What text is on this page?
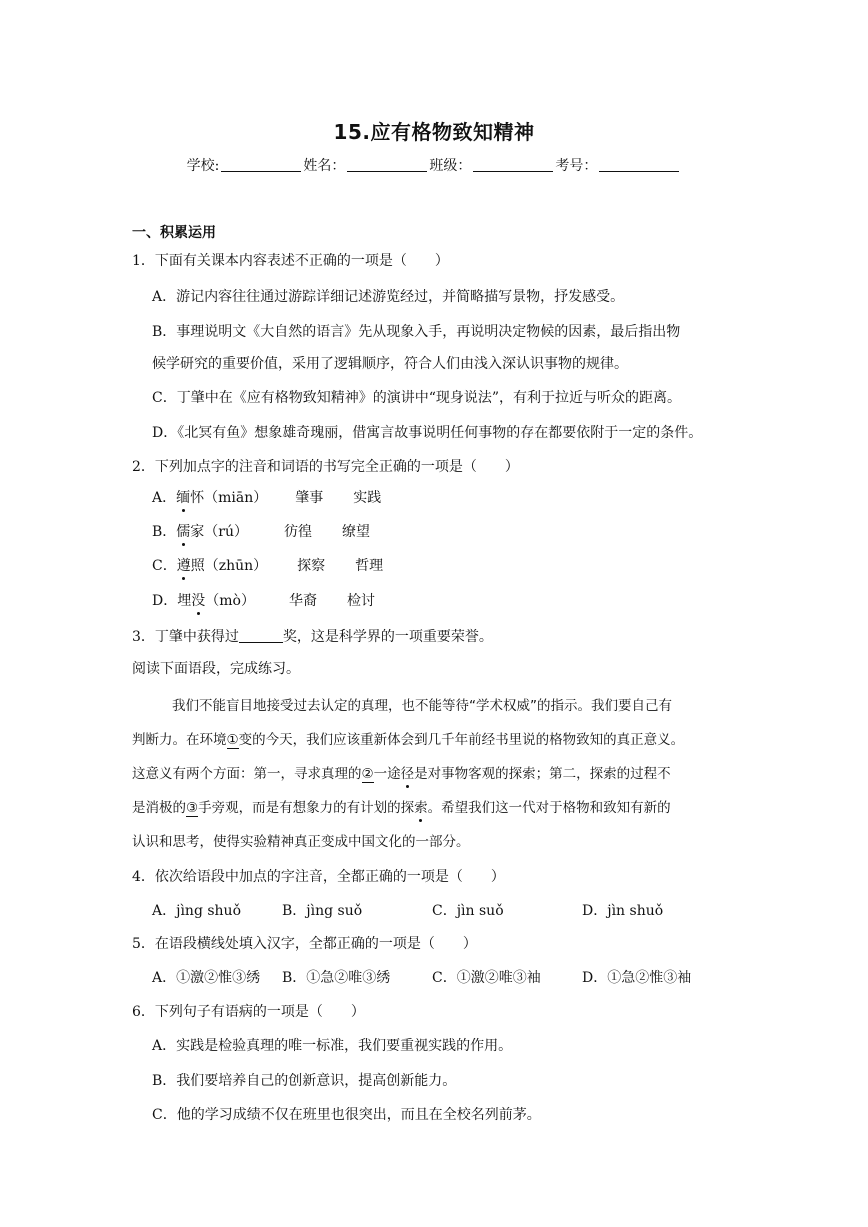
15.应有格物致知精神
学校:	姓名：	班级：	考号：
一、积累运用
1．下面有关课本内容表述不正确的一项是（　　）
A．游记内容往往通过游踪详细记述游览经过，并简略描写景物，抒发感受。
B．事理说明文《大自然的语言》先从现象入手，再说明决定物候的因素，最后指出物
候学研究的重要价值，采用了逻辑顺序，符合人们由浅入深认识事物的规律。
C．丁肇中在《应有格物致知精神》的演讲中“现身说法”，有利于拉近与听众的距离。
D．《北冥有鱼》想象雄奇瑰丽，借寓言故事说明任何事物的存在都要依附于一定的条件。
2．下列加点字的注音和词语的书写完全正确的一项是（　　）
A．缅怀（miān） 肇事 实践
B．儒家（rú）	彷徨 缭望
C．遵照（zhūn） 探察 哲理
D．埋没（mò） 华裔 检讨
3．丁肇中获得过	奖，这是科学界的一项重要荣誉。
阅读下面语段，完成练习。
我们不能盲目地接受过去认定的真理，也不能等待“学术权威”的指示。我们要自己有
判断力。在环境①变的今天，我们应该重新体会到几千年前经书里说的格物致知的真正意义。
这意义有两个方面：第一，寻求真理的②一途径是对事物客观的探索；第二，探索的过程不
是消极的③手旁观，而是有想象力的有计划的探索。希望我们这一代对于格物和致知有新的
认识和思考，使得实验精神真正变成中国文化的一部分。
4．依次给语段中加点的字注音，全都正确的一项是（　　）
A．jìng shuǒ	B．jìng suǒ	C．jìn suǒ	D．jìn shuǒ
5．在语段横线处填入汉字，全都正确的一项是（　　）
A．①激②惟③绣 B．①急②唯③绣	C．①激②唯③袖	D．①急②惟③袖
6．下列句子有语病的一项是（　　）
A．实践是检验真理的唯一标准，我们要重视实践的作用。
B．我们要培养自己的创新意识，提高创新能力。
C．他的学习成绩不仅在班里也很突出，而且在全校名列前茅。
